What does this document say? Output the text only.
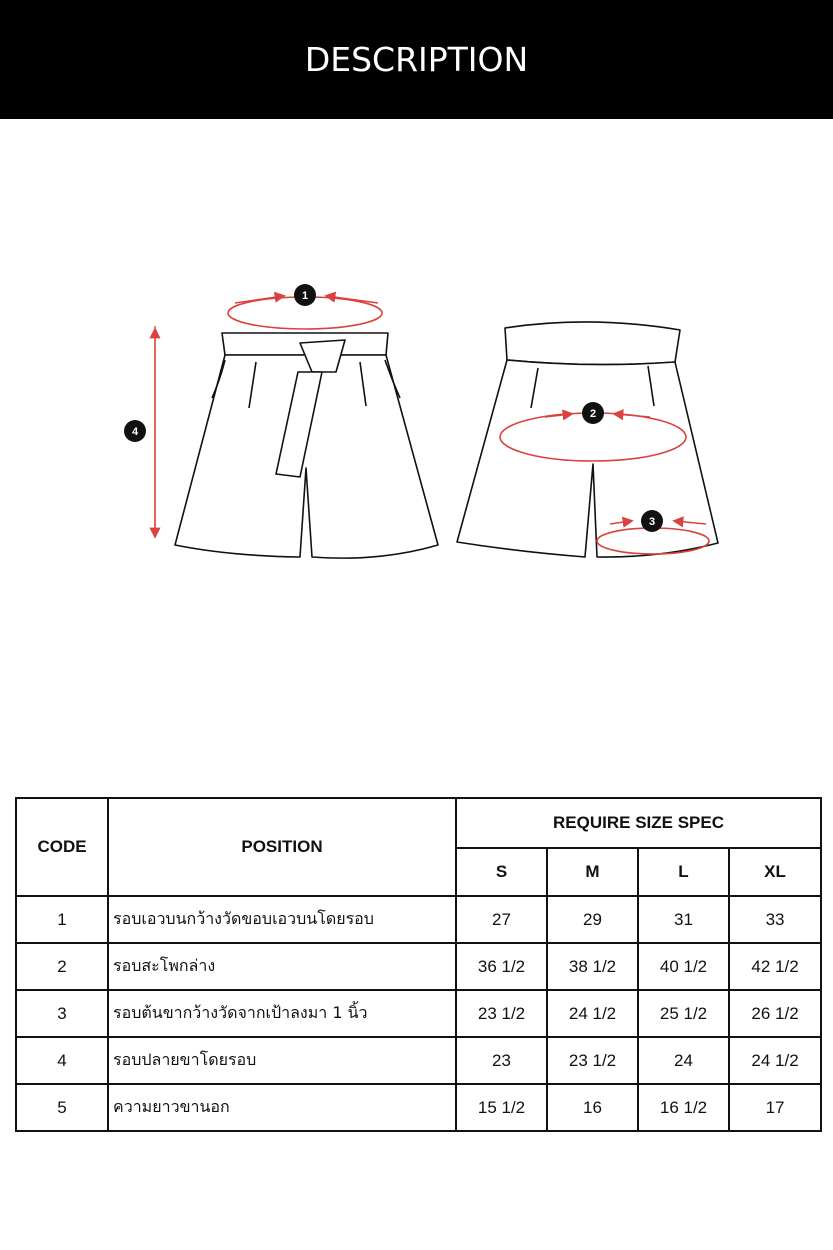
DESCRIPTION
1
2
3
4
CODE	POSITION	REQUIRE SIZE SPEC			
		S	M	L	XL
1	รอบเอวบนกว้างวัดขอบเอวบนโดยรอบ	27	29	31	33
2	รอบสะโพกล่าง	36 1/2	38 1/2	40 1/2	42 1/2
3	รอบต้นขากว้างวัดจากเป้าลงมา 1 นิ้ว	23 1/2	24 1/2	25 1/2	26 1/2
4	รอบปลายขาโดยรอบ	23	23 1/2	24	24 1/2
5	ความยาวขานอก	15 1/2	16	16 1/2	17
